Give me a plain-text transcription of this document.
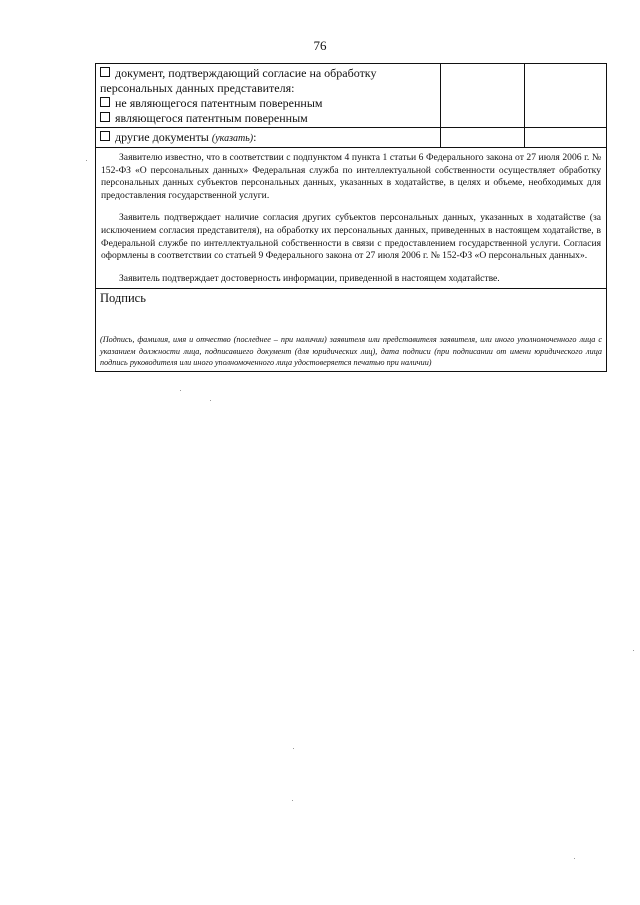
76
документ, подтверждающий согласие на обработку
персональных данных представителя:
не являющегося патентным поверенным
являющегося патентным поверенным
другие документы (указать):

Заявителю известно, что в соответствии с подпунктом 4 пункта 1 статьи 6 Федерального закона от 27 июля 2006 г. № 152-ФЗ «О персональных данных» Федеральная служба по интеллектуальной собственности осуществляет обработку персональных данных субъектов персональных данных, указанных в ходатайстве, в целях и объеме, необходимых для предоставления государственной услуги.

Заявитель подтверждает наличие согласия других субъектов персональных данных, указанных в ходатайстве (за исключением согласия представителя), на обработку их персональных данных, приведенных в настоящем ходатайстве, в Федеральной службе по интеллектуальной собственности в связи с предоставлением государственной услуги. Согласия оформлены в соответствии со статьей 9 Федерального закона от 27 июля 2006 г. № 152-ФЗ «О персональных данных».

Заявитель подтверждает достоверность информации, приведенной в настоящем ходатайстве.

Подпись
(Подпись, фамилия, имя и отчество (последнее – при наличии) заявителя или представителя заявителя, или иного уполномоченного лица с указанием должности лица, подписавшего документ (для юридических лиц), дата подписи (при подписании от имени юридического лица подпись руководителя или иного уполномоченного лица удостоверяется печатью при наличии)
